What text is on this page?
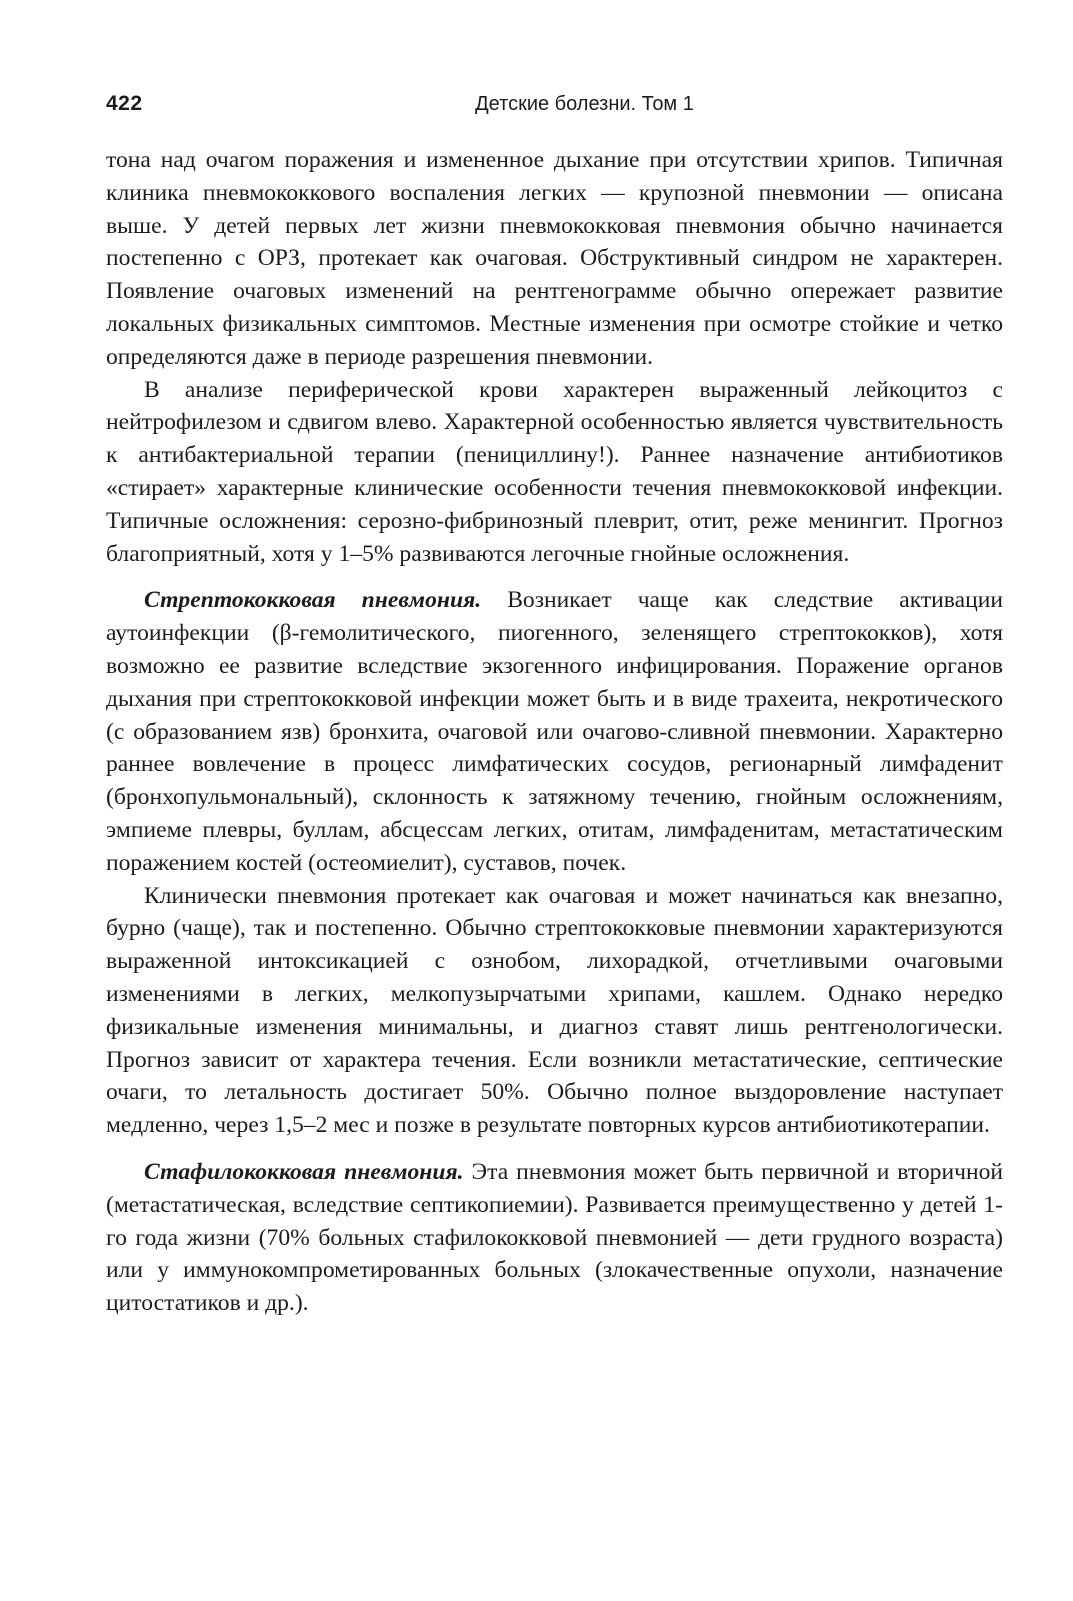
422	Детские болезни. Том 1

тона над очагом поражения и измененное дыхание при отсутствии хрипов. Типичная клиника пневмококкового воспаления легких — крупозной пневмонии — описана выше. У детей первых лет жизни пневмококковая пневмония обычно начинается постепенно с ОРЗ, протекает как очаговая. Обструктивный синдром не характерен. Появление очаговых изменений на рентгенограмме обычно опережает развитие локальных физикальных симптомов. Местные изменения при осмотре стойкие и четко определяются даже в периоде разрешения пневмонии.

В анализе периферической крови характерен выраженный лейкоцитоз с нейтрофилезом и сдвигом влево. Характерной особенностью является чувствительность к антибактериальной терапии (пенициллину!). Раннее назначение антибиотиков «стирает» характерные клинические особенности течения пневмококковой инфекции. Типичные осложнения: серозно-фибринозный плеврит, отит, реже менингит. Прогноз благоприятный, хотя у 1–5% развиваются легочные гнойные осложнения.

Стрептококковая пневмония. Возникает чаще как следствие активации аутоинфекции (β-гемолитического, пиогенного, зеленящего стрептококков), хотя возможно ее развитие вследствие экзогенного инфицирования. Поражение органов дыхания при стрептококковой инфекции может быть и в виде трахеита, некротического (с образованием язв) бронхита, очаговой или очагово-сливной пневмонии. Характерно раннее вовлечение в процесс лимфатических сосудов, регионарный лимфаденит (бронхопульмональный), склонность к затяжному течению, гнойным осложнениям, эмпиеме плевры, буллам, абсцессам легких, отитам, лимфаденитам, метастатическим поражением костей (остеомиелит), суставов, почек.

Клинически пневмония протекает как очаговая и может начинаться как внезапно, бурно (чаще), так и постепенно. Обычно стрептококковые пневмонии характеризуются выраженной интоксикацией с ознобом, лихорадкой, отчетливыми очаговыми изменениями в легких, мелкопузырчатыми хрипами, кашлем. Однако нередко физикальные изменения минимальны, и диагноз ставят лишь рентгенологически. Прогноз зависит от характера течения. Если возникли метастатические, септические очаги, то летальность достигает 50%. Обычно полное выздоровление наступает медленно, через 1,5–2 мес и позже в результате повторных курсов антибиотикотерапии.

Стафилококковая пневмония. Эта пневмония может быть первичной и вторичной (метастатическая, вследствие септикопиемии). Развивается преимущественно у детей 1-го года жизни (70% больных стафилококковой пневмонией — дети грудного возраста) или у иммунокомпрометированных больных (злокачественные опухоли, назначение цитостатиков и др.).
